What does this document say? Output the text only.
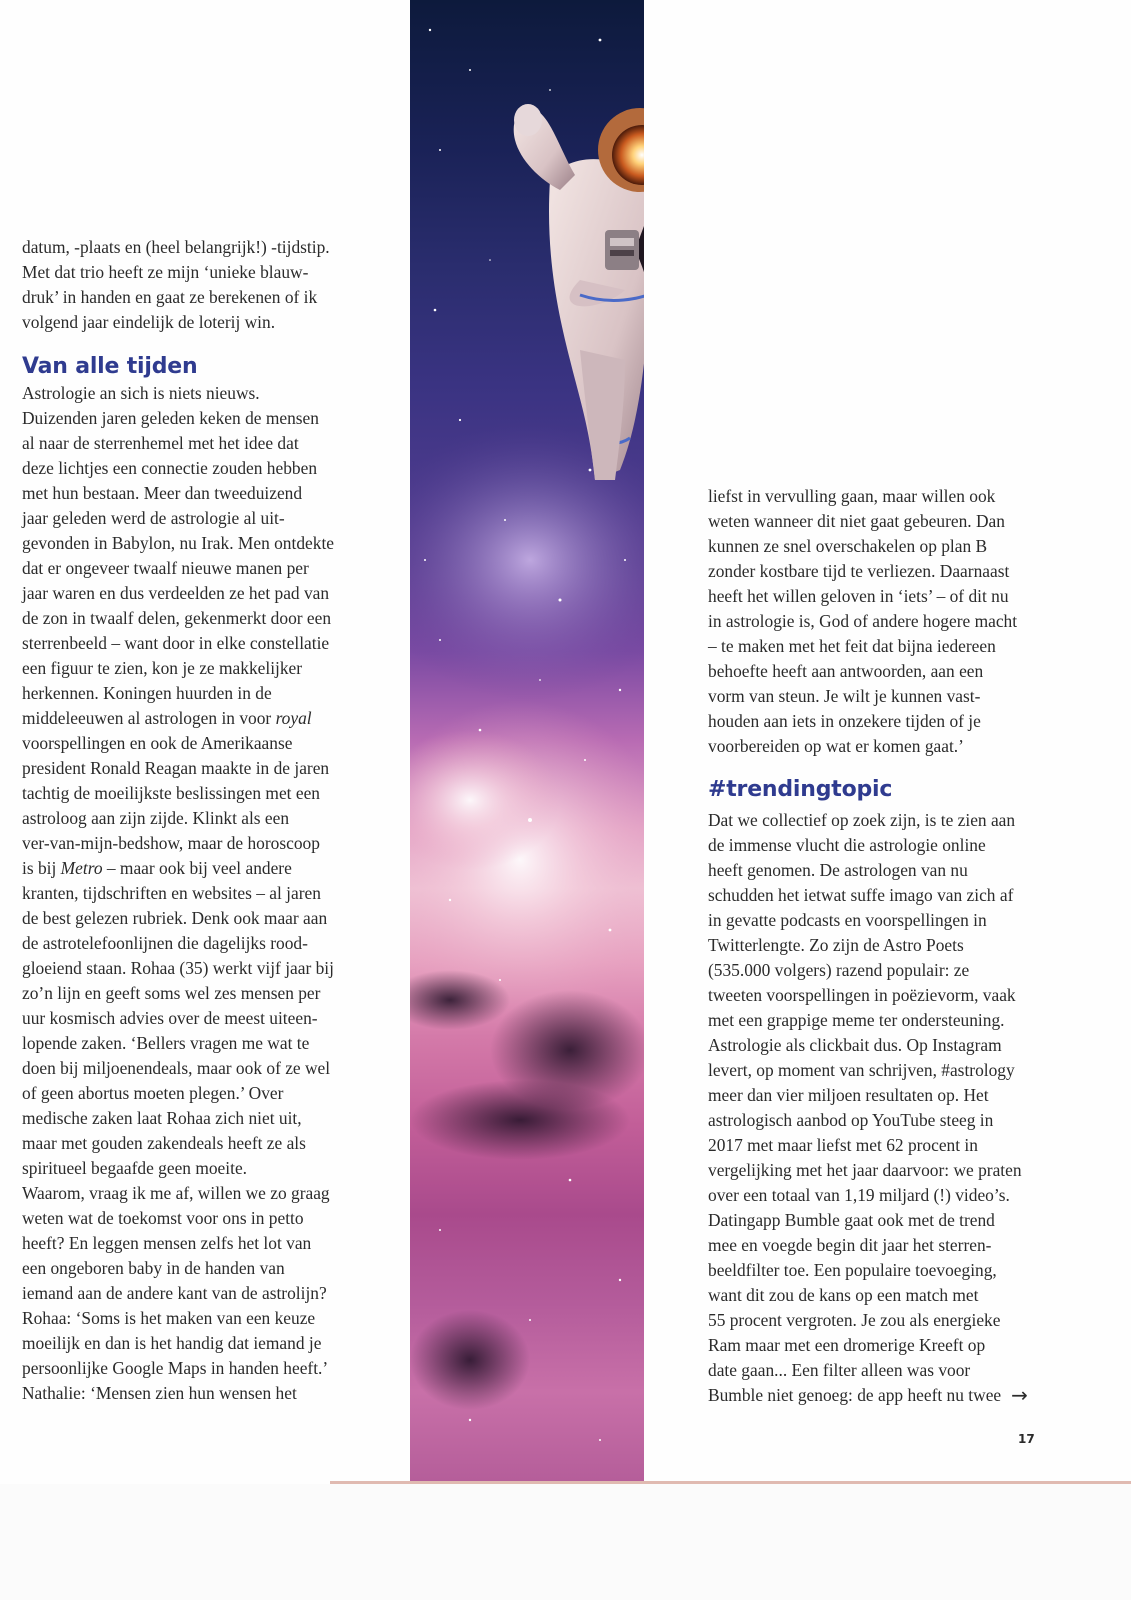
datum, -plaats en (heel belangrijk!) -tijdstip.

Met dat trio heeft ze mijn ‘unieke blauw-

druk’ in handen en gaat ze berekenen of ik

volgend jaar eindelijk de loterij win.

Van alle tijden

Astrologie an sich is niets nieuws.

Duizenden jaren geleden keken de mensen

al naar de sterrenhemel met het idee dat

deze lichtjes een connectie zouden hebben

met hun bestaan. Meer dan tweeduizend

jaar geleden werd de astrologie al uit-

gevonden in Babylon, nu Irak. Men ontdekte

dat er ongeveer twaalf nieuwe manen per

jaar waren en dus verdeelden ze het pad van

de zon in twaalf delen, gekenmerkt door een

sterrenbeeld – want door in elke constellatie

een figuur te zien, kon je ze makkelijker

herkennen. Koningen huurden in de

middeleeuwen al astrologen in voor royal

voorspellingen en ook de Amerikaanse

president Ronald Reagan maakte in de jaren

tachtig de moeilijkste beslissingen met een

astroloog aan zijn zijde. Klinkt als een

ver-van-mijn-bedshow, maar de horoscoop

is bij Metro – maar ook bij veel andere

kranten, tijdschriften en websites – al jaren

de best gelezen rubriek. Denk ook maar aan

de astrotelefoonlijnen die dagelijks rood-

gloeiend staan. Rohaa (35) werkt vijf jaar bij

zo’n lijn en geeft soms wel zes mensen per

uur kosmisch advies over de meest uiteen-

lopende zaken. ‘Bellers vragen me wat te

doen bij miljoenendeals, maar ook of ze wel

of geen abortus moeten plegen.’ Over

medische zaken laat Rohaa zich niet uit,

maar met gouden zakendeals heeft ze als

spiritueel begaafde geen moeite.

Waarom, vraag ik me af, willen we zo graag

weten wat de toekomst voor ons in petto

heeft? En leggen mensen zelfs het lot van

een ongeboren baby in de handen van

iemand aan de andere kant van de astrolijn?

Rohaa: ‘Soms is het maken van een keuze

moeilijk en dan is het handig dat iemand je

persoonlijke Google Maps in handen heeft.’

Nathalie: ‘Mensen zien hun wensen het

liefst in vervulling gaan, maar willen ook

weten wanneer dit niet gaat gebeuren. Dan

kunnen ze snel overschakelen op plan B

zonder kostbare tijd te verliezen. Daarnaast

heeft het willen geloven in ‘iets’ – of dit nu

in astrologie is, God of andere hogere macht

– te maken met het feit dat bijna iedereen

behoefte heeft aan antwoorden, aan een

vorm van steun. Je wilt je kunnen vast-

houden aan iets in onzekere tijden of je

voorbereiden op wat er komen gaat.’

#trendingtopic

Dat we collectief op zoek zijn, is te zien aan

de immense vlucht die astrologie online

heeft genomen. De astrologen van nu

schudden het ietwat suffe imago van zich af

in gevatte podcasts en voorspellingen in

Twitterlengte. Zo zijn de Astro Poets

(535.000 volgers) razend populair: ze

tweeten voorspellingen in poëzievorm, vaak

met een grappige meme ter ondersteuning.

Astrologie als clickbait dus. Op Instagram

levert, op moment van schrijven, #astrology

meer dan vier miljoen resultaten op. Het

astrologisch aanbod op YouTube steeg in

2017 met maar liefst met 62 procent in

vergelijking met het jaar daarvoor: we praten

over een totaal van 1,19 miljard (!) video’s.

Datingapp Bumble gaat ook met de trend

mee en voegde begin dit jaar het sterren-

beeldfilter toe. Een populaire toevoeging,

want dit zou de kans op een match met

55 procent vergroten. Je zou als energieke

Ram maar met een dromerige Kreeft op

date gaan... Een filter alleen was voor

Bumble niet genoeg: de app heeft nu twee →

17
